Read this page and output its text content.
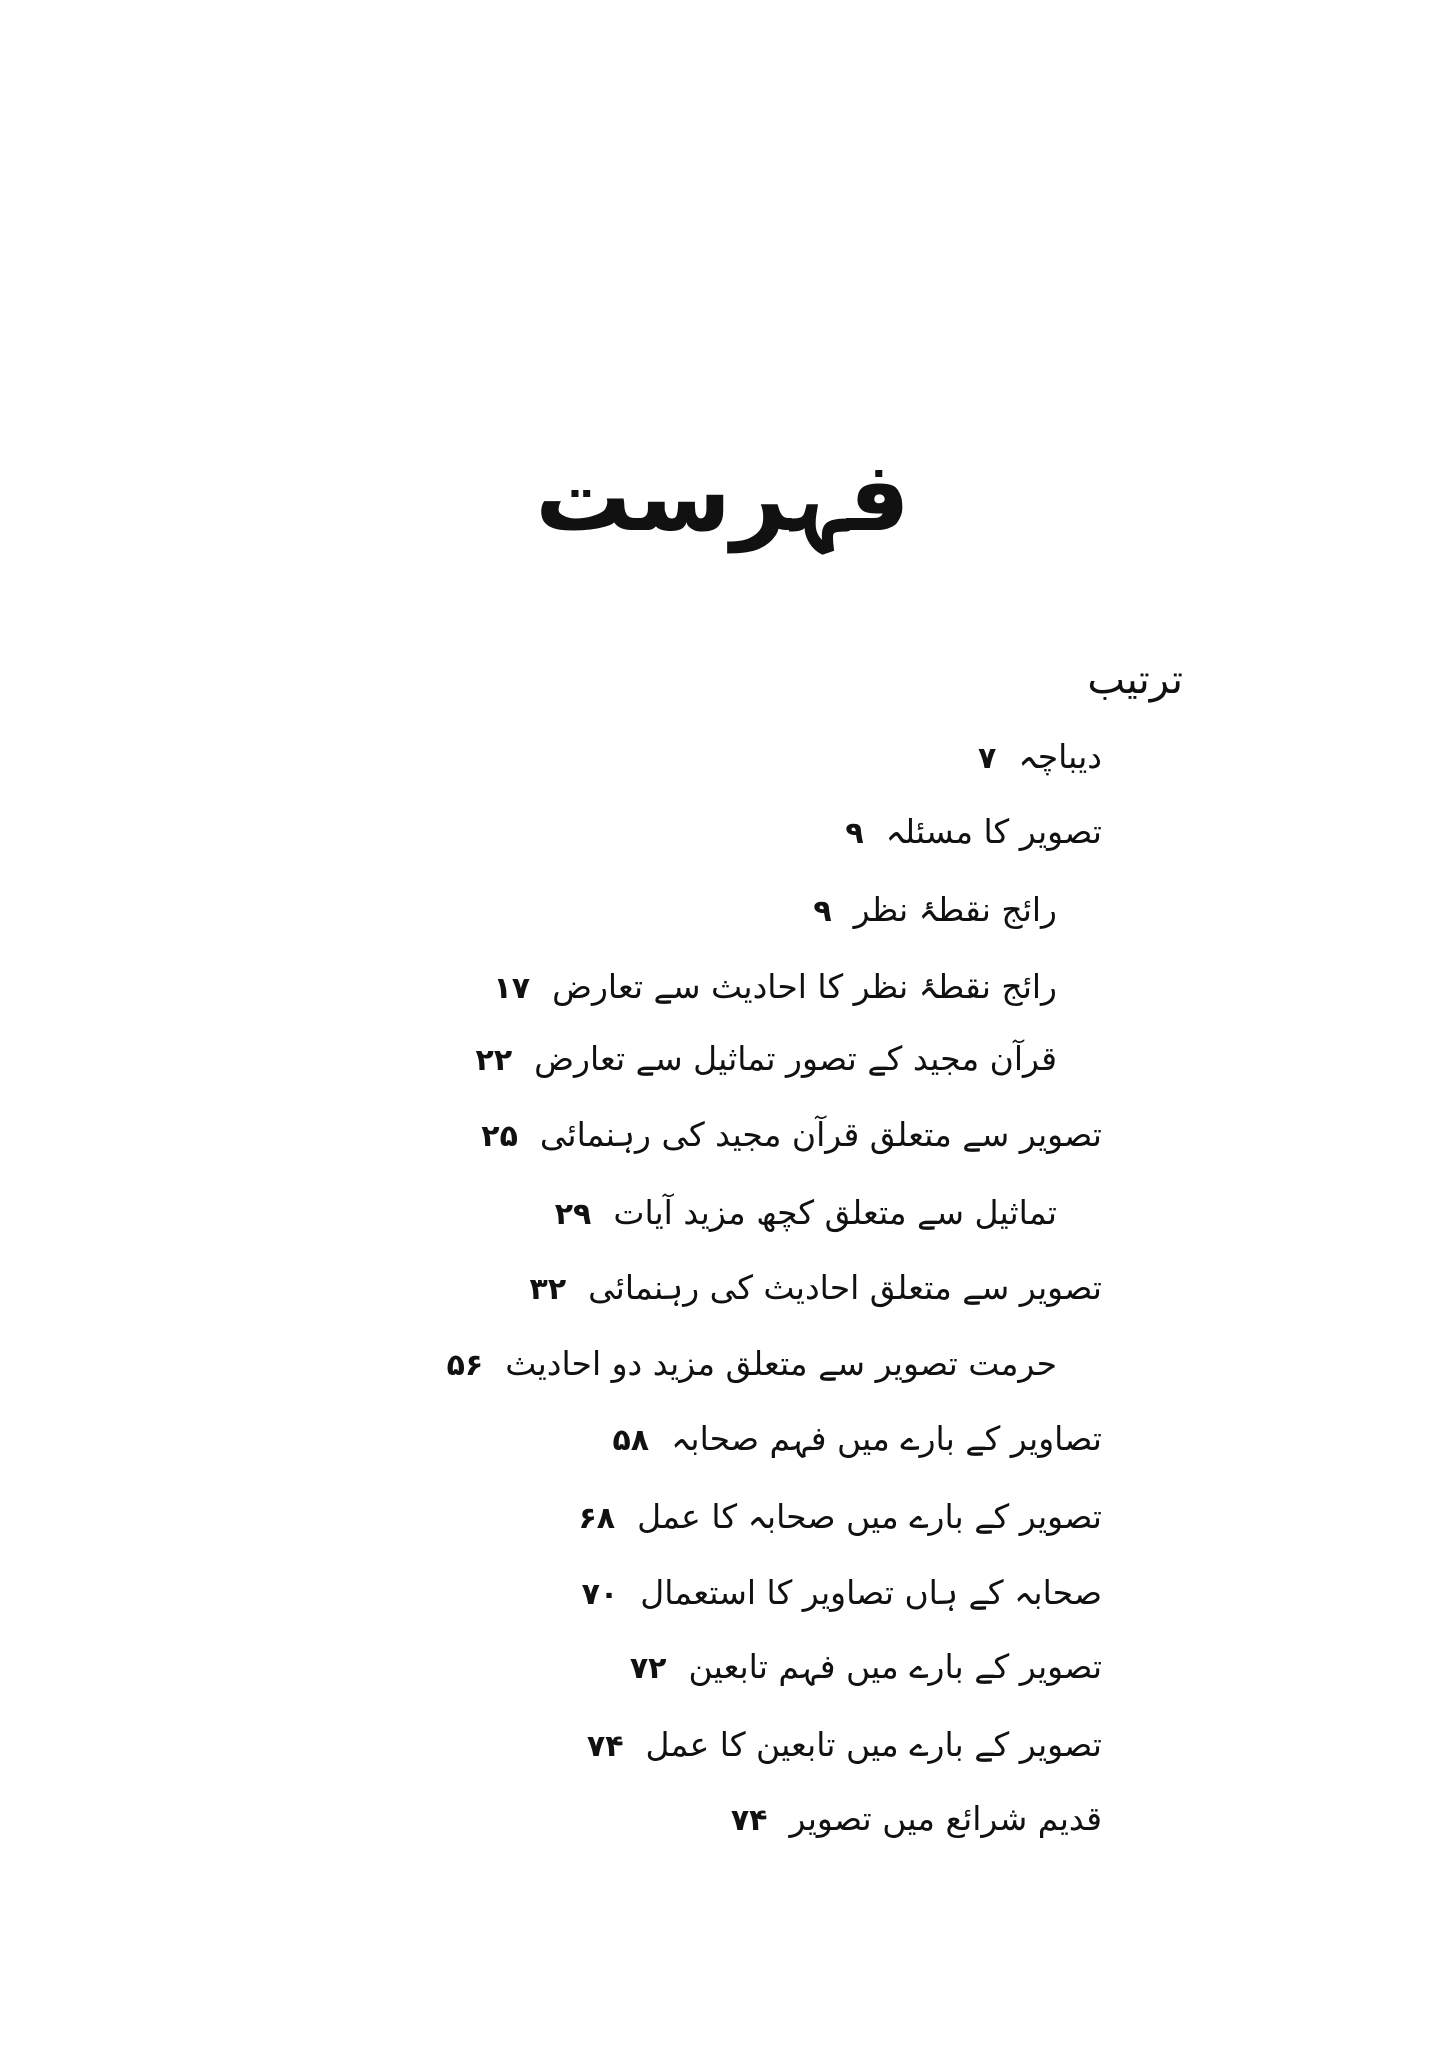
فہرست
ترتیب
دیباچہ
۷
تصویر کا مسئلہ
۹
رائج نقطۂ نظر
۹
رائج نقطۂ نظر کا احادیث سے تعارض
۱۷
قرآن مجید کے تصور تماثیل سے تعارض
۲۲
تصویر سے متعلق قرآن مجید کی رہنمائی
۲۵
تماثیل سے متعلق کچھ مزید آیات
۲۹
تصویر سے متعلق احادیث کی رہنمائی
۳۲
حرمت تصویر سے متعلق مزید دو احادیث
۵۶
تصاویر کے بارے میں فہم صحابہ
۵۸
تصویر کے بارے میں صحابہ کا عمل
۶۸
صحابہ کے ہاں تصاویر کا استعمال
۷۰
تصویر کے بارے میں فہم تابعین
۷۲
تصویر کے بارے میں تابعین کا عمل
۷۴
قدیم شرائع میں تصویر
۷۴
